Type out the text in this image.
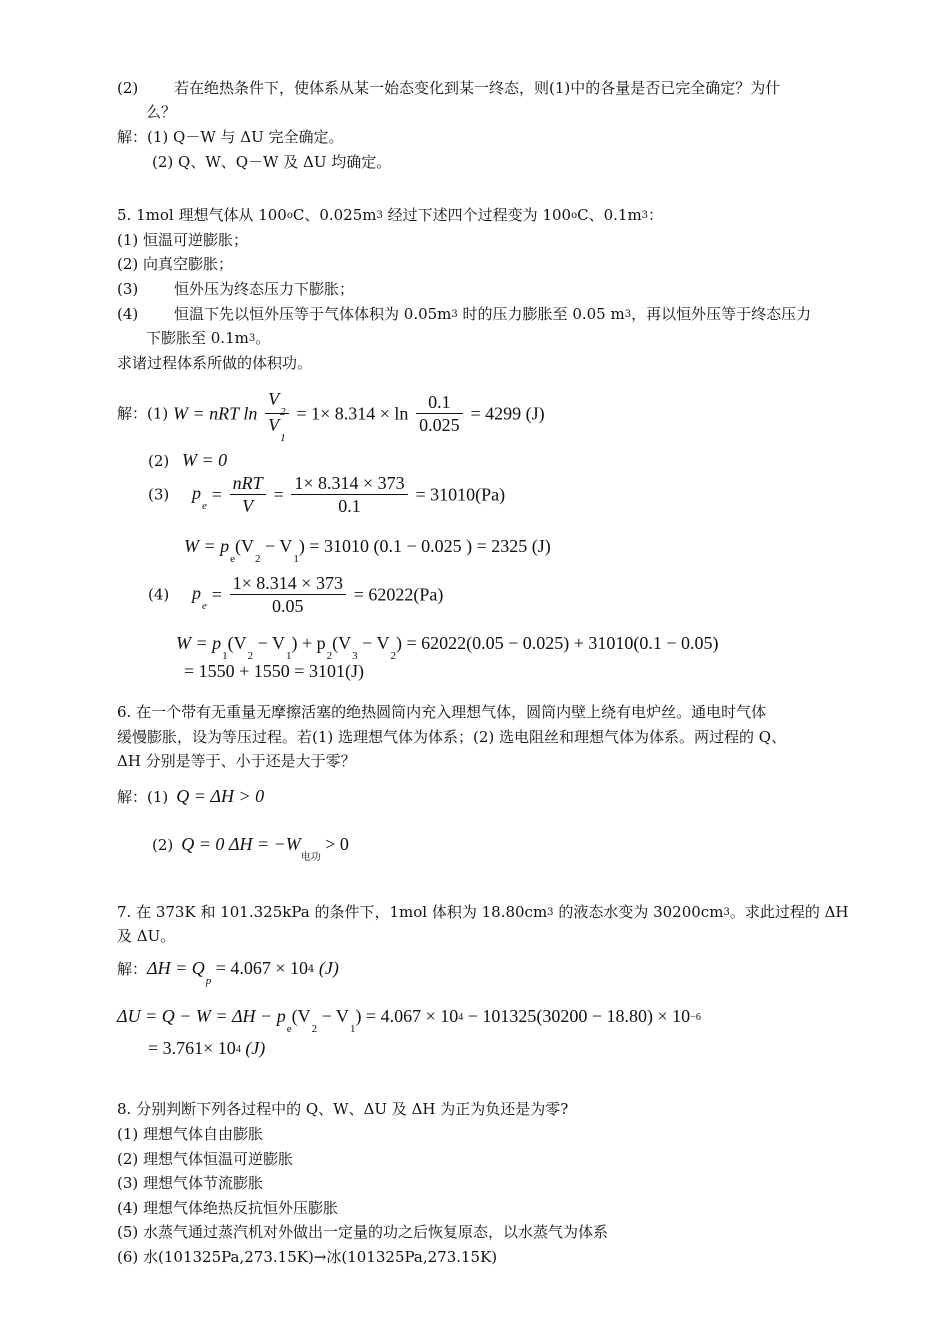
(2) 若在绝热条件下，使体系从某一始态变化到某一终态，则(1)中的各量是否已完全确定？为什
么？
解：(1) Q－W 与 ΔU 完全确定。
(2) Q、W、Q－W 及 ΔU 均确定。
5. 1mol 理想气体从 100oC、0.025m3 经过下述四个过程变为 100oC、0.1m3：
(1) 恒温可逆膨胀；
(2) 向真空膨胀；
(3) 恒外压为终态压力下膨胀；
(4) 恒温下先以恒外压等于气体体积为 0.05m3 时的压力膨胀至 0.05 m3，再以恒外压等于终态压力
下膨胀至 0.1m3。
求诸过程体系所做的体积功。
解：(1) W = nRT $\ln \frac{V_2}{V_1} = 1\times 8.314 \times \ln \frac{0.1}{0.025} = 4299$ (J)
(2) W = 0
(3) $p_e = \frac{\text{nRT}}{V} = \frac{1\times 8.314 \times 373}{0.1} = 31010(Pa)$
$W = p_e(V_2 - V_1) = 31010$ (0.1 − 0.025 ) = 2325 (J)
(4) $p_e = \frac{1\times 8.314 \times 373}{0.05} = 62022(Pa)$
$W = p_1(V_2 - V_1) + p_2(V_3 - V_2) = 62022(0.05 - 0.025) + 31010(0.1 - 0.05)$
= 1550 + 1550 = 3101(J)
6. 在一个带有无重量无摩擦活塞的绝热圆筒内充入理想气体，圆筒内壁上绕有电炉丝。通电时气体
缓慢膨胀，设为等压过程。若(1) 选理想气体为体系；(2) 选电阻丝和理想气体为体系。两过程的 Q、
ΔH 分别是等于、小于还是大于零？
解：(1) Q = ΔH > 0
(2) Q = 0 $\Delta H = -W_{电功} > 0$
7. 在 373K 和 101.325kPa 的条件下，1mol 体积为 18.80cm3 的液态水变为 30200cm3。求此过程的 ΔH
及 ΔU。
解：$\Delta H = Q_p = 4.067 \times 104$ (J)
$\Delta U = Q - W = \Delta H - p_e(V_2 - V_1) = 4.067 \times 104 - 101325(30200 - 18.80) \times 10-6$
= 3.761× 104 (J)
8. 分别判断下列各过程中的 Q、W、ΔU 及 ΔH 为正为负还是为零?
(1) 理想气体自由膨胀
(2) 理想气体恒温可逆膨胀
(3) 理想气体节流膨胀
(4) 理想气体绝热反抗恒外压膨胀
(5) 水蒸气通过蒸汽机对外做出一定量的功之后恢复原态，以水蒸气为体系
(6) 水(101325Pa,273.15K)→冰(101325Pa,273.15K)
